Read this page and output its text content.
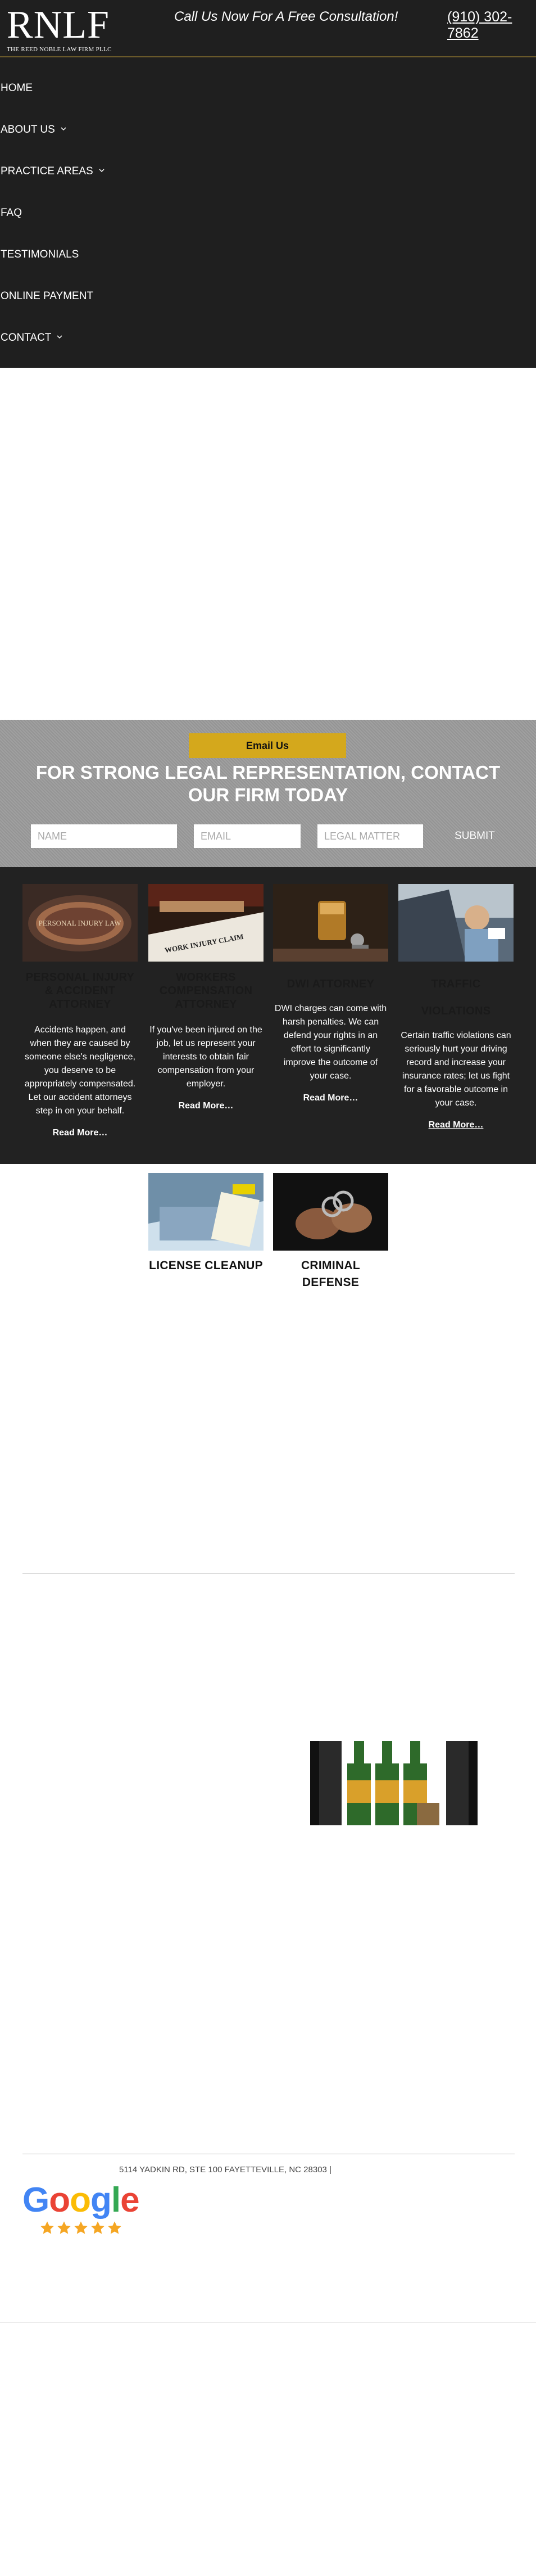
RNLF
THE REED NOBLE LAW FIRM PLLC
Call Us Now For A Free Consultation!	(910) 302-7862
HOME
ABOUT US
PRACTICE AREAS
FAQ
TESTIMONIALS
ONLINE PAYMENT
CONTACT
Email Us
FOR STRONG LEGAL REPRESENTATION, CONTACT OUR FIRM TODAY
NAME	EMAIL	LEGAL MATTER	SUBMIT
PERSONAL INJURY LAW
PERSONAL INJURY & ACCIDENT ATTORNEY

Accidents happen, and when they are caused by someone else's negligence, you deserve to be appropriately compensated. Let our accident attorneys step in on your behalf.

Read More…
WORK INJURY CLAIM
WORKERS COMPENSATION ATTORNEY

If you've been injured on the job, let us represent your interests to obtain fair compensation from your employer.

Read More…
DWI ATTORNEY

DWI charges can come with harsh penalties. We can defend your rights in an effort to significantly improve the outcome of your case.

Read More…
TRAFFIC VIOLATIONS

Certain traffic violations can seriously hurt your driving record and increase your insurance rates; let us fight for a favorable outcome in your case.

Read More…
LICENSE CLEANUP	CRIMINAL DEFENSE
5114 YADKIN RD, STE 100 FAYETTEVILLE, NC 28303 |
Google
